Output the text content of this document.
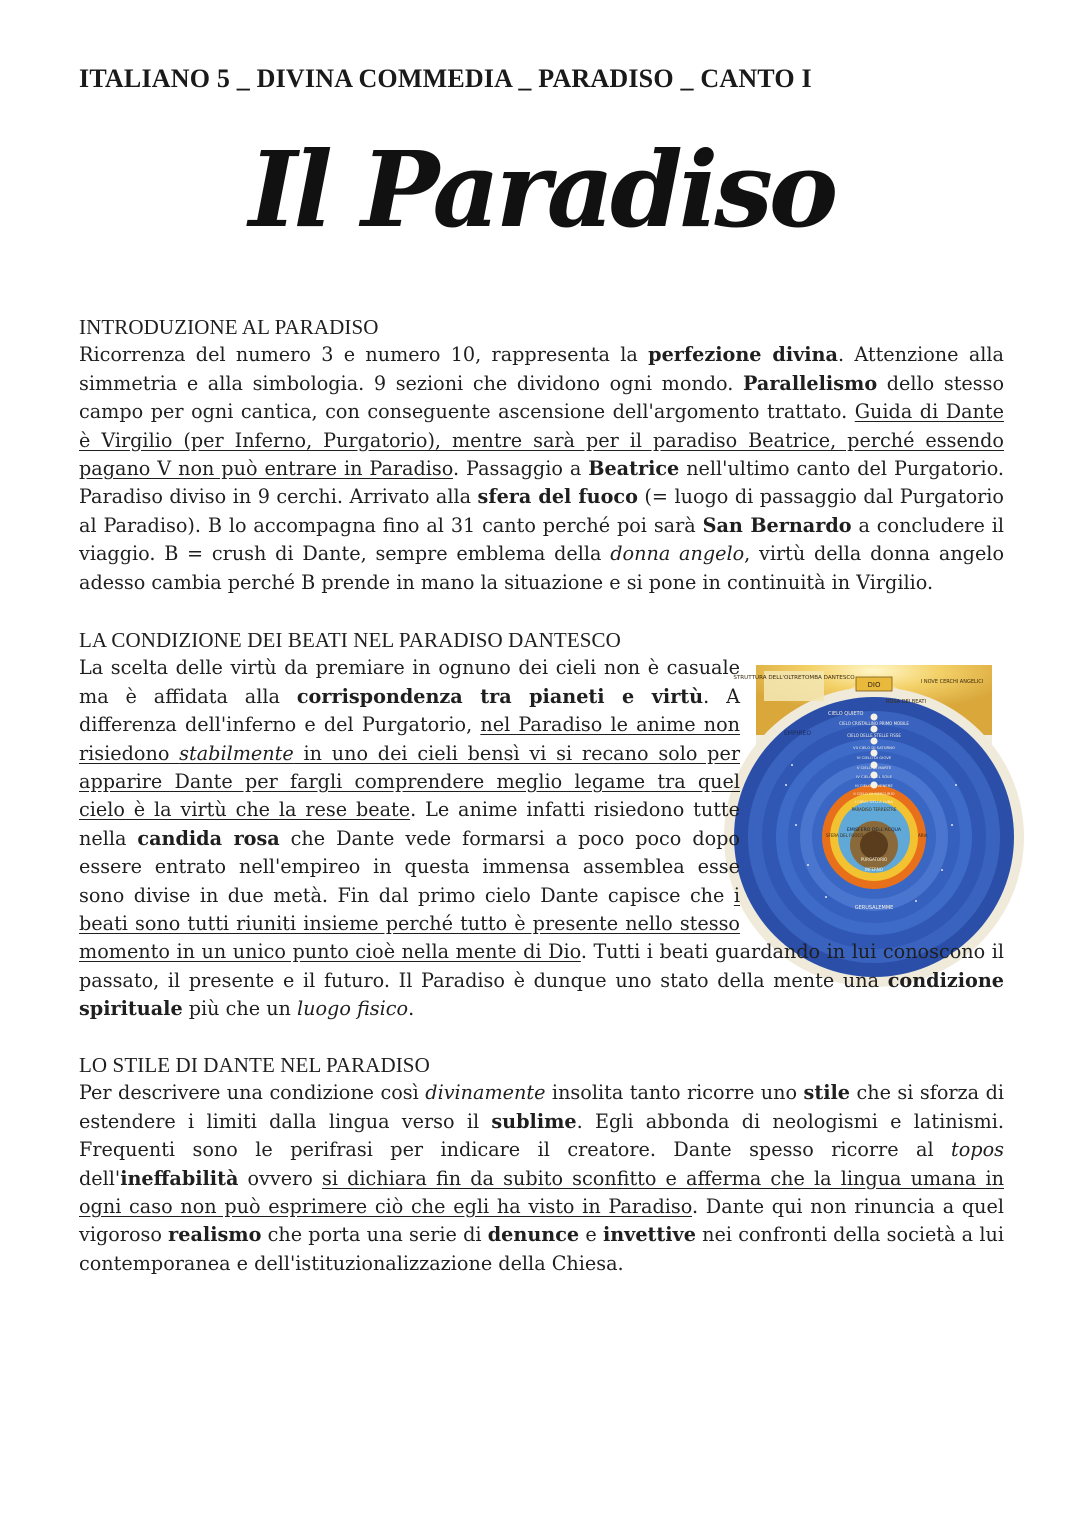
ITALIANO 5 _ DIVINA COMMEDIA _ PARADISO _ CANTO I
Il Paradiso
INTRODUZIONE AL PARADISO

Ricorrenza del numero 3 e numero 10, rappresenta la perfezione divina. Attenzione alla simmetria e alla simbologia. 9 sezioni che dividono ogni mondo. Parallelismo dello stesso campo per ogni cantica, con conseguente ascensione dell'argomento trattato. Guida di Dante è Virgilio (per Inferno, Purgatorio), mentre sarà per il paradiso Beatrice, perché essendo pagano V non può entrare in Paradiso. Passaggio a Beatrice nell'ultimo canto del Purgatorio. Paradiso diviso in 9 cerchi. Arrivato alla sfera del fuoco (= luogo di passaggio dal Purgatorio al Paradiso). B lo accompagna fino al 31 canto perché poi sarà San Bernardo a concludere il viaggio. B = crush di Dante, sempre emblema della donna angelo, virtù della donna angelo adesso cambia perché B prende in mano la situazione e si pone in continuità in Virgilio.

LA CONDIZIONE DEI BEATI NEL PARADISO DANTESCO
STRUTTURA DELL'OLTRETOMBA DANTESCO
DIO	I NOVE CERCHI ANGELICI
ROSA DEI BEATI
EMPIREO
CIELO QUIETO
CIELO CRISTALLINO PRIMO MOBILE
CIELO DELLE STELLE FISSE
VII CIELO DI SATURNO
VI CIELO DI GIOVE
V CIELO DI MARTE
IV CIELO DEL SOLE
III CIELO DI VENERE
II CIELO DI MERCURIO
I CIELO DELLA LUNA
PARADISO TERRESTRE
SFERA DEL FUOCO	ARIA
EMISFERO DELL'ACQUA
PURGATORIO
INFERNO
GERUSALEMME

La scelta delle virtù da premiare in ognuno dei cieli non è casuale ma è affidata alla corrispondenza tra pianeti e virtù. A differenza dell'inferno e del Purgatorio, nel Paradiso le anime non risiedono stabilmente in uno dei cieli bensì vi si recano solo per apparire Dante per fargli comprendere meglio legame tra quel cielo è la virtù che la rese beate. Le anime infatti risiedono tutte nella candida rosa che Dante vede formarsi a poco poco dopo essere entrato nell'empireo in questa immensa assemblea esse sono divise in due metà. Fin dal primo cielo Dante capisce che i beati sono tutti riuniti insieme perché tutto è presente nello stesso momento in un unico punto cioè nella mente di Dio. Tutti i beati guardando in lui conoscono il passato, il presente e il futuro. Il Paradiso è dunque uno stato della mente una condizione spirituale più che un luogo fisico.

LO STILE DI DANTE NEL PARADISO

Per descrivere una condizione così divinamente insolita tanto ricorre uno stile che si sforza di estendere i limiti dalla lingua verso il sublime. Egli abbonda di neologismi e latinismi. Frequenti sono le perifrasi per indicare il creatore. Dante spesso ricorre al topos dell'ineffabilità ovvero si dichiara fin da subito sconfitto e afferma che la lingua umana in ogni caso non può esprimere ciò che egli ha visto in Paradiso. Dante qui non rinuncia a quel vigoroso realismo che porta una serie di denunce e invettive nei confronti della società a lui contemporanea e dell'istituzionalizzazione della Chiesa.
